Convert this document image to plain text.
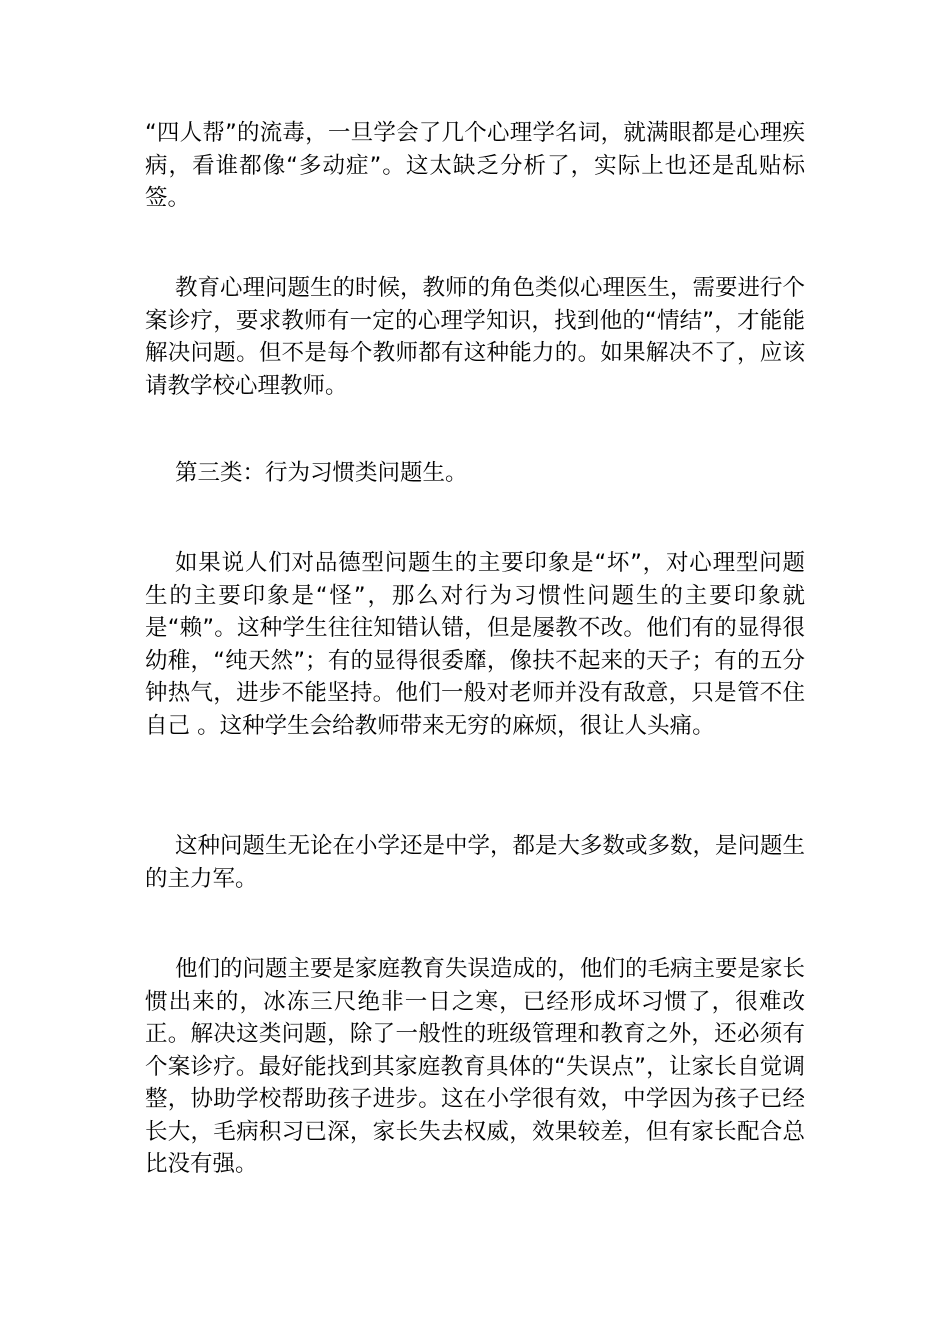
“四人帮”的流毒，一旦学会了几个心理学名词，就满眼都是心理疾病，看谁都像“多动症”。这太缺乏分析了，实际上也还是乱贴标签。

教育心理问题生的时候，教师的角色类似心理医生，需要进行个案诊疗，要求教师有一定的心理学知识，找到他的“情结”，才能能解决问题。但不是每个教师都有这种能力的。如果解决不了，应该请教学校心理教师。

第三类：行为习惯类问题生。

如果说人们对品德型问题生的主要印象是“坏”，对心理型问题生的主要印象是“怪”，那么对行为习惯性问题生的主要印象就是“赖”。这种学生往往知错认错，但是屡教不改。他们有的显得很幼稚，“纯天然”；有的显得很委靡，像扶不起来的天子；有的五分钟热气，进步不能坚持。他们一般对老师并没有敌意，只是管不住自己 。这种学生会给教师带来无穷的麻烦，很让人头痛。

这种问题生无论在小学还是中学，都是大多数或多数，是问题生的主力军。

他们的问题主要是家庭教育失误造成的，他们的毛病主要是家长惯出来的，冰冻三尺绝非一日之寒，已经形成坏习惯了，很难改正。解决这类问题，除了一般性的班级管理和教育之外，还必须有个案诊疗。最好能找到其家庭教育具体的“失误点”，让家长自觉调整，协助学校帮助孩子进步。这在小学很有效，中学因为孩子已经长大，毛病积习已深，家长失去权威，效果较差，但有家长配合总比没有强。
